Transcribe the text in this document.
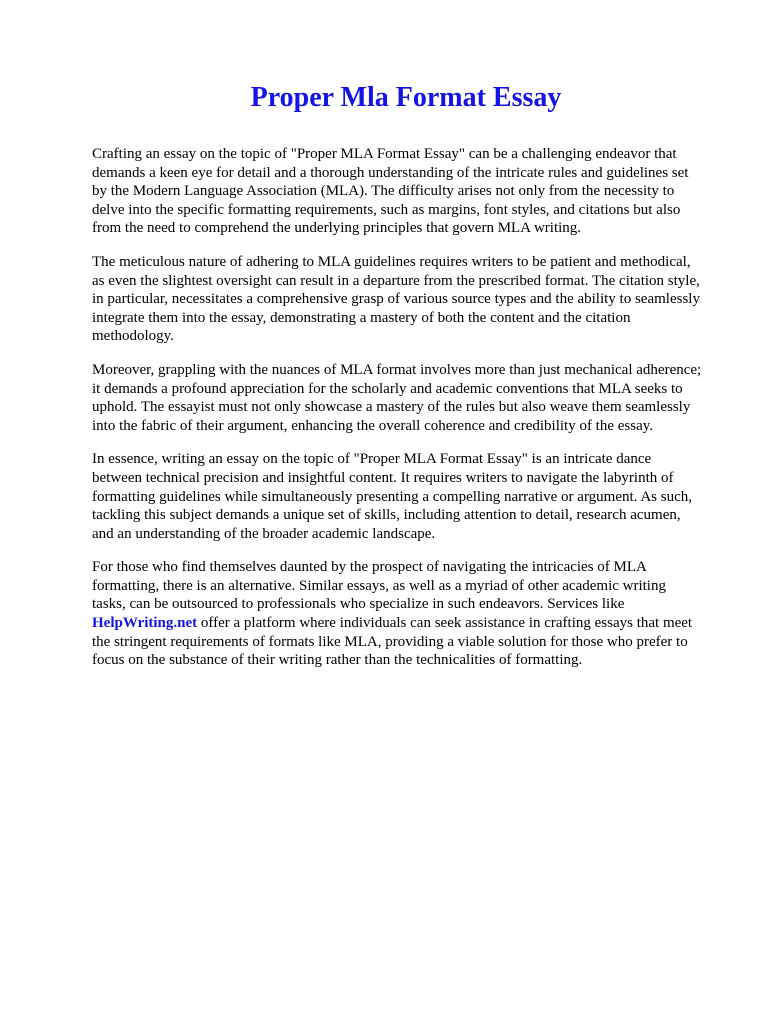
Proper Mla Format Essay

Crafting an essay on the topic of "Proper MLA Format Essay" can be a challenging endeavor that
demands a keen eye for detail and a thorough understanding of the intricate rules and guidelines set
by the Modern Language Association (MLA). The difficulty arises not only from the necessity to
delve into the specific formatting requirements, such as margins, font styles, and citations but also
from the need to comprehend the underlying principles that govern MLA writing.

The meticulous nature of adhering to MLA guidelines requires writers to be patient and methodical,
as even the slightest oversight can result in a departure from the prescribed format. The citation style,
in particular, necessitates a comprehensive grasp of various source types and the ability to seamlessly
integrate them into the essay, demonstrating a mastery of both the content and the citation
methodology.

Moreover, grappling with the nuances of MLA format involves more than just mechanical adherence;
it demands a profound appreciation for the scholarly and academic conventions that MLA seeks to
uphold. The essayist must not only showcase a mastery of the rules but also weave them seamlessly
into the fabric of their argument, enhancing the overall coherence and credibility of the essay.

In essence, writing an essay on the topic of "Proper MLA Format Essay" is an intricate dance
between technical precision and insightful content. It requires writers to navigate the labyrinth of
formatting guidelines while simultaneously presenting a compelling narrative or argument. As such,
tackling this subject demands a unique set of skills, including attention to detail, research acumen,
and an understanding of the broader academic landscape.

For those who find themselves daunted by the prospect of navigating the intricacies of MLA
formatting, there is an alternative. Similar essays, as well as a myriad of other academic writing
tasks, can be outsourced to professionals who specialize in such endeavors. Services like
HelpWriting.net offer a platform where individuals can seek assistance in crafting essays that meet
the stringent requirements of formats like MLA, providing a viable solution for those who prefer to
focus on the substance of their writing rather than the technicalities of formatting.
